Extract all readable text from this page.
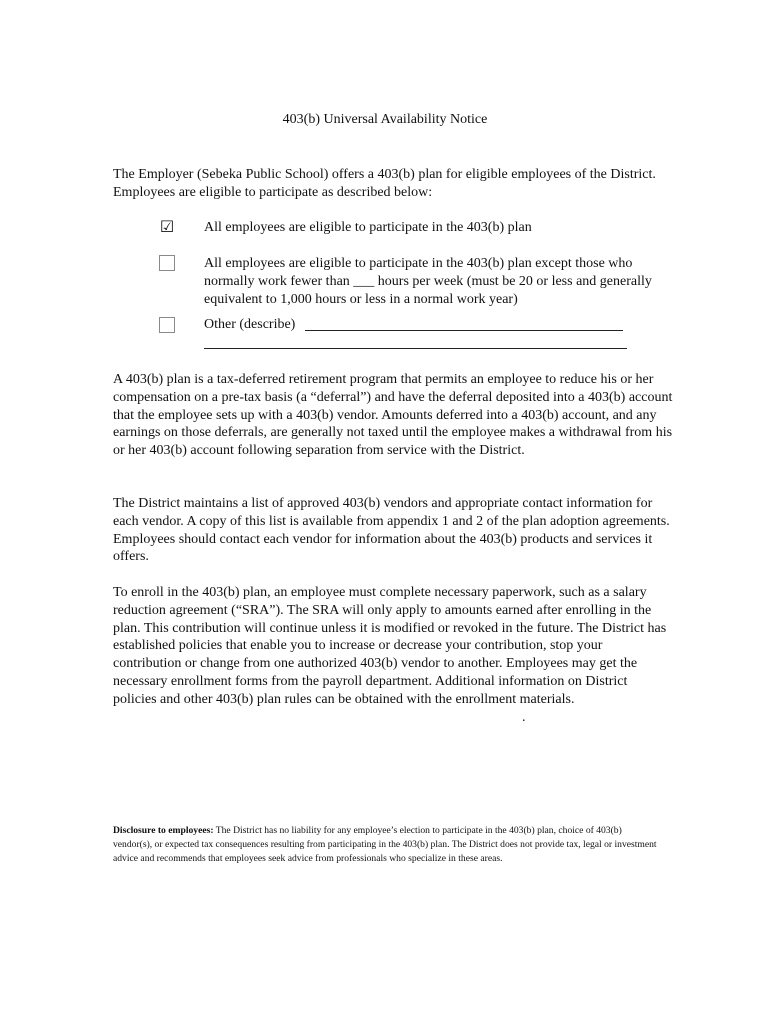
403(b) Universal Availability Notice

The Employer (Sebeka Public School) offers a 403(b) plan for eligible employees of the District. Employees are eligible to participate as described below:

☑ All employees are eligible to participate in the 403(b) plan
All employees are eligible to participate in the 403(b) plan except those who normally work fewer than ___ hours per week (must be 20 or less and generally equivalent to 1,000 hours or less in a normal work year)
Other (describe)

A 403(b) plan is a tax-deferred retirement program that permits an employee to reduce his or her compensation on a pre-tax basis (a “deferral”) and have the deferral deposited into a 403(b) account that the employee sets up with a 403(b) vendor. Amounts deferred into a 403(b) account, and any earnings on those deferrals, are generally not taxed until the employee makes a withdrawal from his or her 403(b) account following separation from service with the District.

The District maintains a list of approved 403(b) vendors and appropriate contact information for each vendor. A copy of this list is available from appendix 1 and 2 of the plan adoption agreements. Employees should contact each vendor for information about the 403(b) products and services it offers.

To enroll in the 403(b) plan, an employee must complete necessary paperwork, such as a salary reduction agreement (“SRA”). The SRA will only apply to amounts earned after enrolling in the plan. This contribution will continue unless it is modified or revoked in the future. The District has established policies that enable you to increase or decrease your contribution, stop your contribution or change from one authorized 403(b) vendor to another. Employees may get the necessary enrollment forms from the payroll department. Additional information on District policies and other 403(b) plan rules can be obtained with the enrollment materials.

.

Disclosure to employees: The District has no liability for any employee’s election to participate in the 403(b) plan, choice of 403(b) vendor(s), or expected tax consequences resulting from participating in the 403(b) plan. The District does not provide tax, legal or investment advice and recommends that employees seek advice from professionals who specialize in these areas.
